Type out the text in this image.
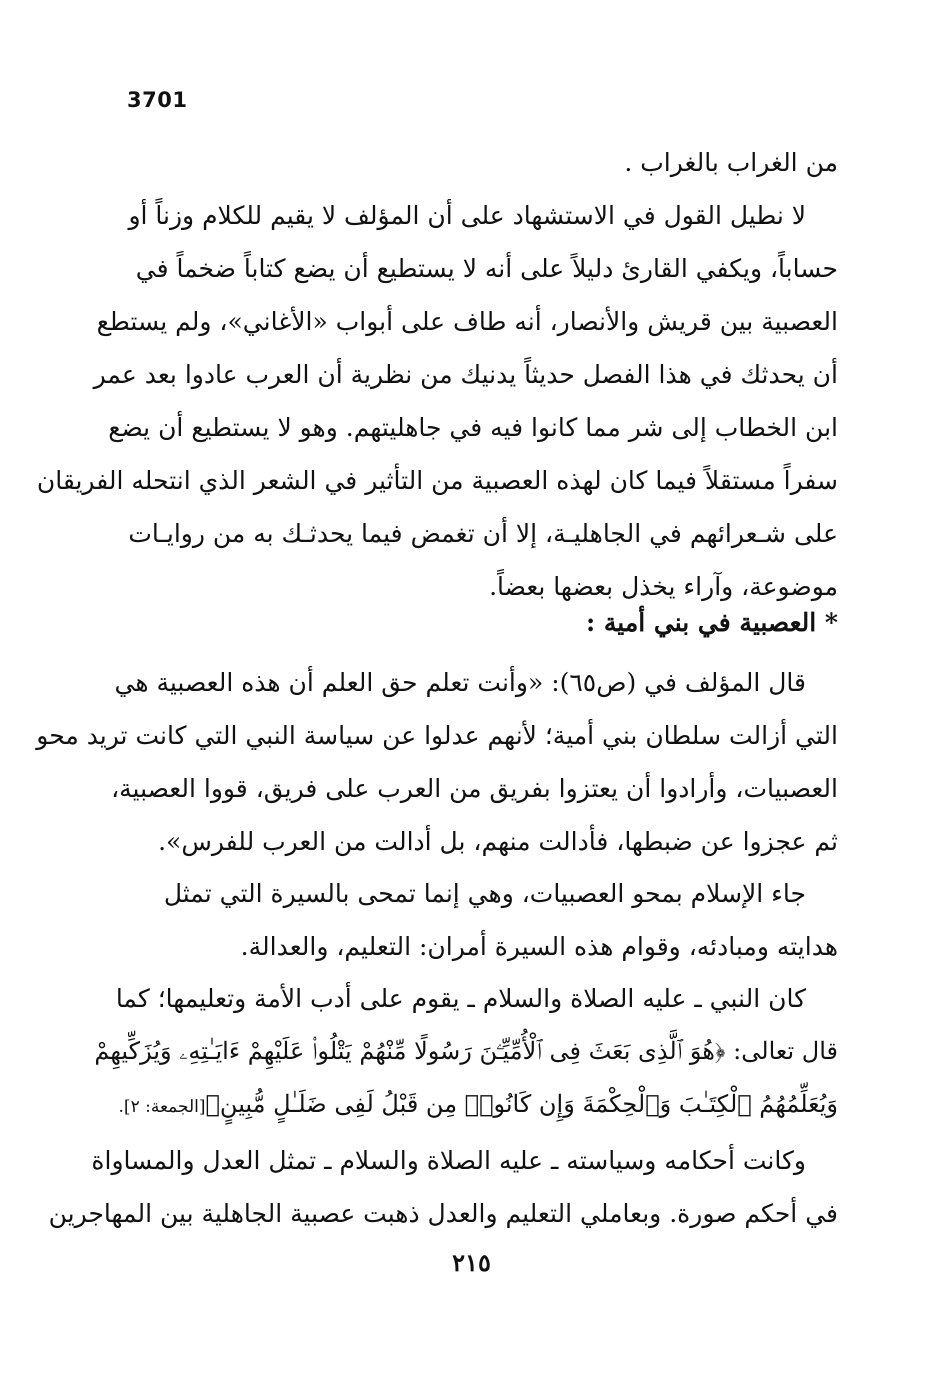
3701
من الغراب بالغراب .
لا نطيل القول في الاستشهاد على أن المؤلف لا يقيم للكلام وزناً أو
حساباً، ويكفي القارئ دليلاً على أنه لا يستطيع أن يضع كتاباً ضخماً في
العصبية بين قريش والأنصار، أنه طاف على أبواب «الأغاني»، ولم يستطع
أن يحدثك في هذا الفصل حديثاً يدنيك من نظرية أن العرب عادوا بعد عمر
ابن الخطاب إلى شر مما كانوا فيه في جاهليتهم. وهو لا يستطيع أن يضع
سفراً مستقلاً فيما كان لهذه العصبية من التأثير في الشعر الذي انتحله الفريقان
على شـعرائهم في الجاهليـة، إلا أن تغمض فيما يحدثـك به من روايـات
موضوعة، وآراء يخذل بعضها بعضاً.
* العصبية في بني أمية :
قال المؤلف في (ص٦٥): «وأنت تعلم حق العلم أن هذه العصبية هي
التي أزالت سلطان بني أمية؛ لأنهم عدلوا عن سياسة النبي التي كانت تريد محو
العصبيات، وأرادوا أن يعتزوا بفريق من العرب على فريق، قووا العصبية،
ثم عجزوا عن ضبطها، فأدالت منهم، بل أدالت من العرب للفرس».
جاء الإسلام بمحو العصبيات، وهي إنما تمحى بالسيرة التي تمثل
هدايته ومبادئه، وقوام هذه السيرة أمران: التعليم، والعدالة.
كان النبي ـ عليه الصلاة والسلام ـ يقوم على أدب الأمة وتعليمها؛ كما
قال تعالى: ﴿هُوَ ٱلَّذِى بَعَثَ فِى ٱلْأُمِّيِّـۧنَ رَسُولًا مِّنْهُمْ يَتْلُوا۟ عَلَيْهِمْ ءَايَـٰتِهِۦ وَيُزَكِّيهِمْ
وَيُعَلِّمُهُمُ ٱلْكِتَـٰبَ وَٱلْحِكْمَةَ وَإِن كَانُوا۟ مِن قَبْلُ لَفِى ضَلَـٰلٍ مُّبِينٍ﴾[الجمعة: ٢].
وكانت أحكامه وسياسته ـ عليه الصلاة والسلام ـ تمثل العدل والمساواة
في أحكم صورة. وبعاملي التعليم والعدل ذهبت عصبية الجاهلية بين المهاجرين
٢١٥
